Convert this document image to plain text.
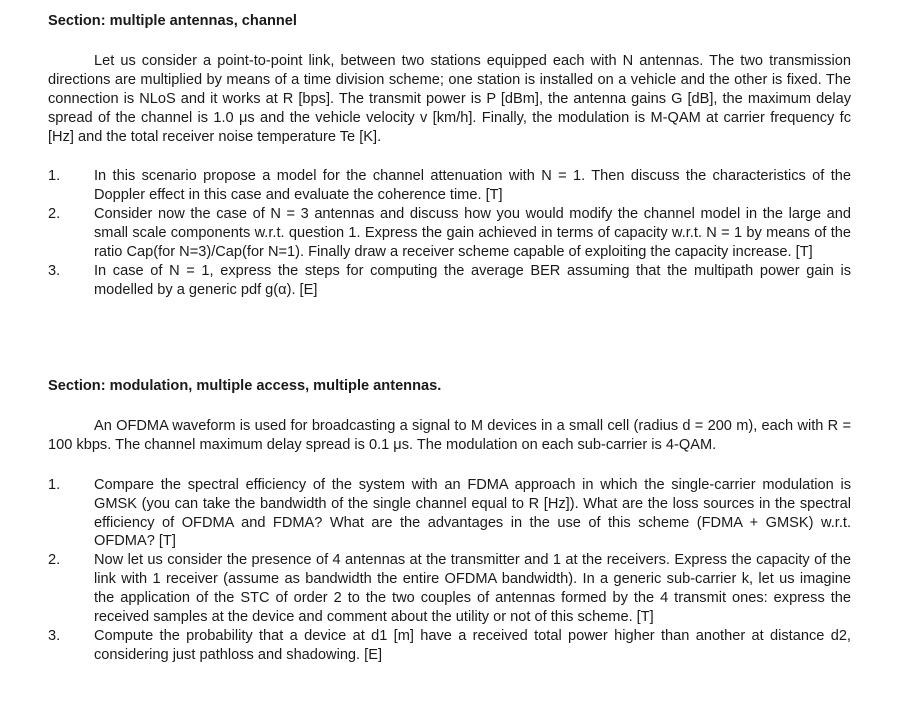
Section: multiple antennas, channel

Let us consider a point-to-point link, between two stations equipped each with N antennas. The two transmission directions are multiplied by means of a time division scheme; one station is installed on a vehicle and the other is fixed. The connection is NLoS and it works at R [bps]. The transmit power is P [dBm], the antenna gains G [dB], the maximum delay spread of the channel is 1.0 μs and the vehicle velocity v [km/h]. Finally, the modulation is M-QAM at carrier frequency fc [Hz] and the total receiver noise temperature Te [K].

1.	In this scenario propose a model for the channel attenuation with N = 1. Then discuss the characteristics of the Doppler effect in this case and evaluate the coherence time. [T]
2.	Consider now the case of N = 3 antennas and discuss how you would modify the channel model in the large and small scale components w.r.t. question 1. Express the gain achieved in terms of capacity w.r.t. N = 1 by means of the ratio Cap(for N=3)/Cap(for N=1). Finally draw a receiver scheme capable of exploiting the capacity increase. [T]
3.	In case of N = 1, express the steps for computing the average BER assuming that the multipath power gain is modelled by a generic pdf g(α). [E]
Section: modulation, multiple access, multiple antennas.

An OFDMA waveform is used for broadcasting a signal to M devices in a small cell (radius d = 200 m), each with R = 100 kbps. The channel maximum delay spread is 0.1 μs. The modulation on each sub-carrier is 4-QAM.

1.	Compare the spectral efficiency of the system with an FDMA approach in which the single-carrier modulation is GMSK (you can take the bandwidth of the single channel equal to R [Hz]). What are the loss sources in the spectral efficiency of OFDMA and FDMA? What are the advantages in the use of this scheme (FDMA + GMSK) w.r.t. OFDMA? [T]
2.	Now let us consider the presence of 4 antennas at the transmitter and 1 at the receivers. Express the capacity of the link with 1 receiver (assume as bandwidth the entire OFDMA bandwidth). In a generic sub-carrier k, let us imagine the application of the STC of order 2 to the two couples of antennas formed by the 4 transmit ones: express the received samples at the device and comment about the utility or not of this scheme. [T]
3.	Compute the probability that a device at d1 [m] have a received total power higher than another at distance d2, considering just pathloss and shadowing. [E]
